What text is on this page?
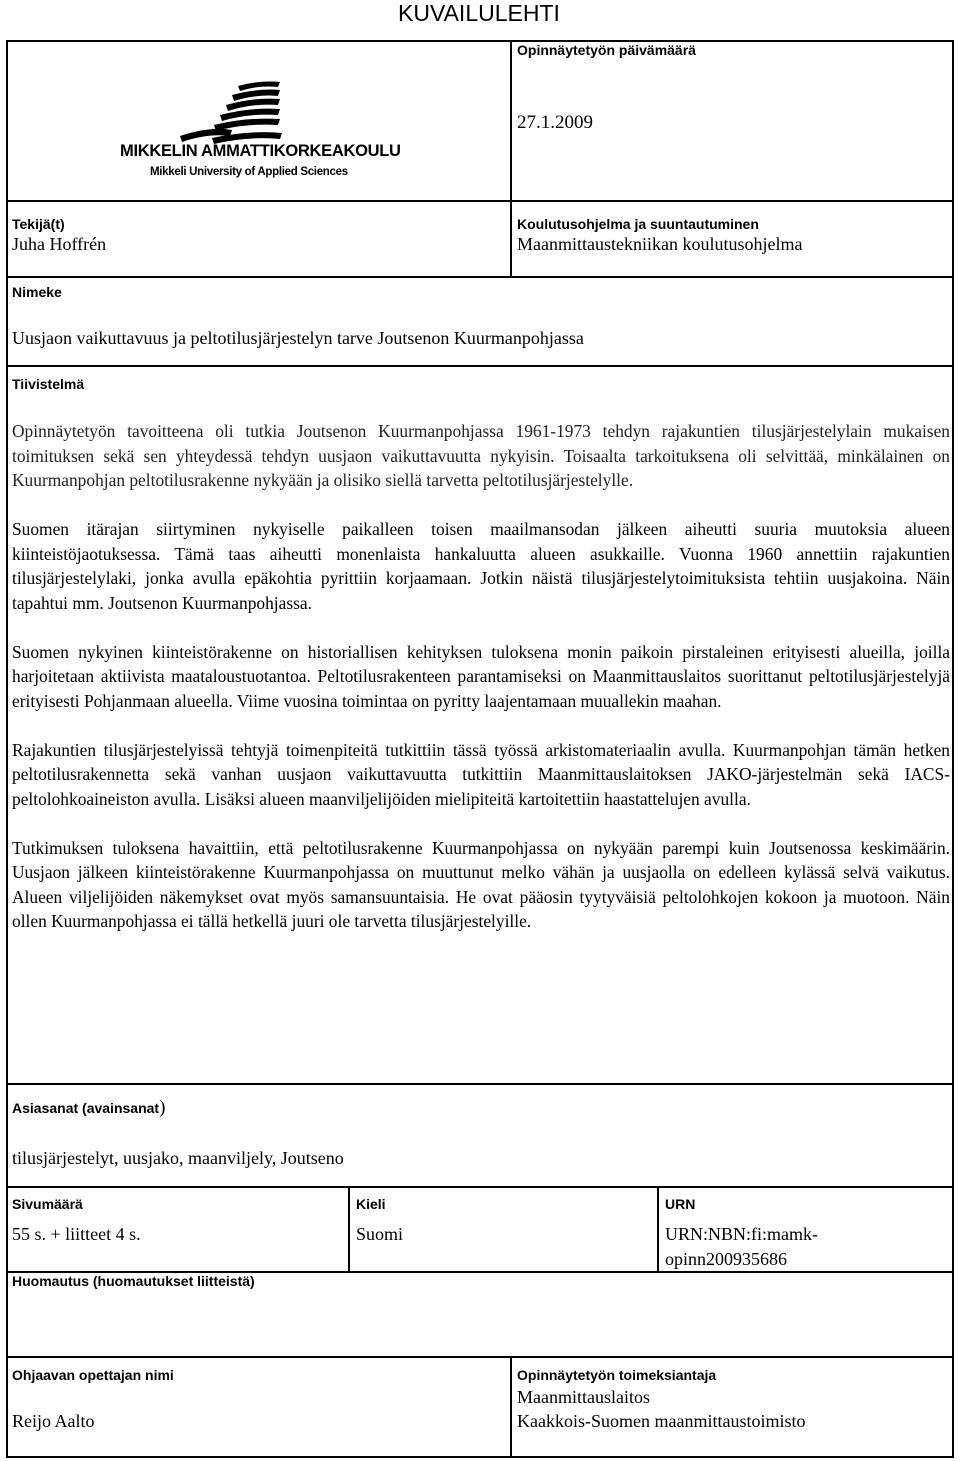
KUVAILULEHTI
MIKKELIN AMMATTIKORKEAKOULU
Mikkeli University of Applied Sciences
Opinnäytetyön päivämäärä
27.1.2009
Tekijä(t)
Juha Hoffrén
Koulutusohjelma ja suuntautuminen
Maanmittaustekniikan koulutusohjelma
Nimeke
Uusjaon vaikuttavuus ja peltotilusjärjestelyn tarve Joutsenon Kuurmanpohjassa
Tiivistelmä

Opinnäytetyön tavoitteena oli tutkia Joutsenon Kuurmanpohjassa 1961-1973 tehdyn rajakuntien tilusjärjestelylain mukaisen toimituksen sekä sen yhteydessä tehdyn uusjaon vaikuttavuutta nykyisin. Toisaalta tarkoituksena oli selvittää, minkälainen on Kuurmanpohjan peltotilusrakenne nykyään ja olisiko siellä tarvetta peltotilusjärjestelylle.

Suomen itärajan siirtyminen nykyiselle paikalleen toisen maailmansodan jälkeen aiheutti suuria muutoksia alueen kiinteistöjaotuksessa. Tämä taas aiheutti monenlaista hankaluutta alueen asukkaille. Vuonna 1960 annettiin rajakuntien tilusjärjestelylaki, jonka avulla epäkohtia pyrittiin korjaamaan. Jotkin näistä tilusjärjestelytoimituksista tehtiin uusjakoina. Näin tapahtui mm. Joutsenon Kuurmanpohjassa.

Suomen nykyinen kiinteistörakenne on historiallisen kehityksen tuloksena monin paikoin pirstaleinen erityisesti alueilla, joilla harjoitetaan aktiivista maataloustuotantoa. Peltotilusrakenteen parantamiseksi on Maanmittauslaitos suorittanut peltotilusjärjestelyjä erityisesti Pohjanmaan alueella. Viime vuosina toimintaa on pyritty laajentamaan muuallekin maahan.

Rajakuntien tilusjärjestelyissä tehtyjä toimenpiteitä tutkittiin tässä työssä arkistomateriaalin avulla. Kuurmanpohjan tämän hetken peltotilusrakennetta sekä vanhan uusjaon vaikuttavuutta tutkittiin Maanmittauslaitoksen JAKO-järjestelmän sekä IACS-peltolohkoaineiston avulla. Lisäksi alueen maanviljelijöiden mielipiteitä kartoitettiin haastattelujen avulla.

Tutkimuksen tuloksena havaittiin, että peltotilusrakenne Kuurmanpohjassa on nykyään parempi kuin Joutsenossa keskimäärin. Uusjaon jälkeen kiinteistörakenne Kuurmanpohjassa on muuttunut melko vähän ja uusjaolla on edelleen kylässä selvä vaikutus. Alueen viljelijöiden näkemykset ovat myös samansuuntaisia. He ovat pääosin tyytyväisiä peltolohkojen kokoon ja muotoon. Näin ollen Kuurmanpohjassa ei tällä hetkellä juuri ole tarvetta tilusjärjestelyille.

Asiasanat (avainsanat)
tilusjärjestelyt, uusjako, maanviljely, Joutseno
Sivumäärä
55 s. + liitteet 4 s.
Kieli
Suomi
URN
URN:NBN:fi:mamk-
opinn200935686
Huomautus (huomautukset liitteistä)
Ohjaavan opettajan nimi
Reijo Aalto
Opinnäytetyön toimeksiantaja
Maanmittauslaitos
Kaakkois-Suomen maanmittaustoimisto
